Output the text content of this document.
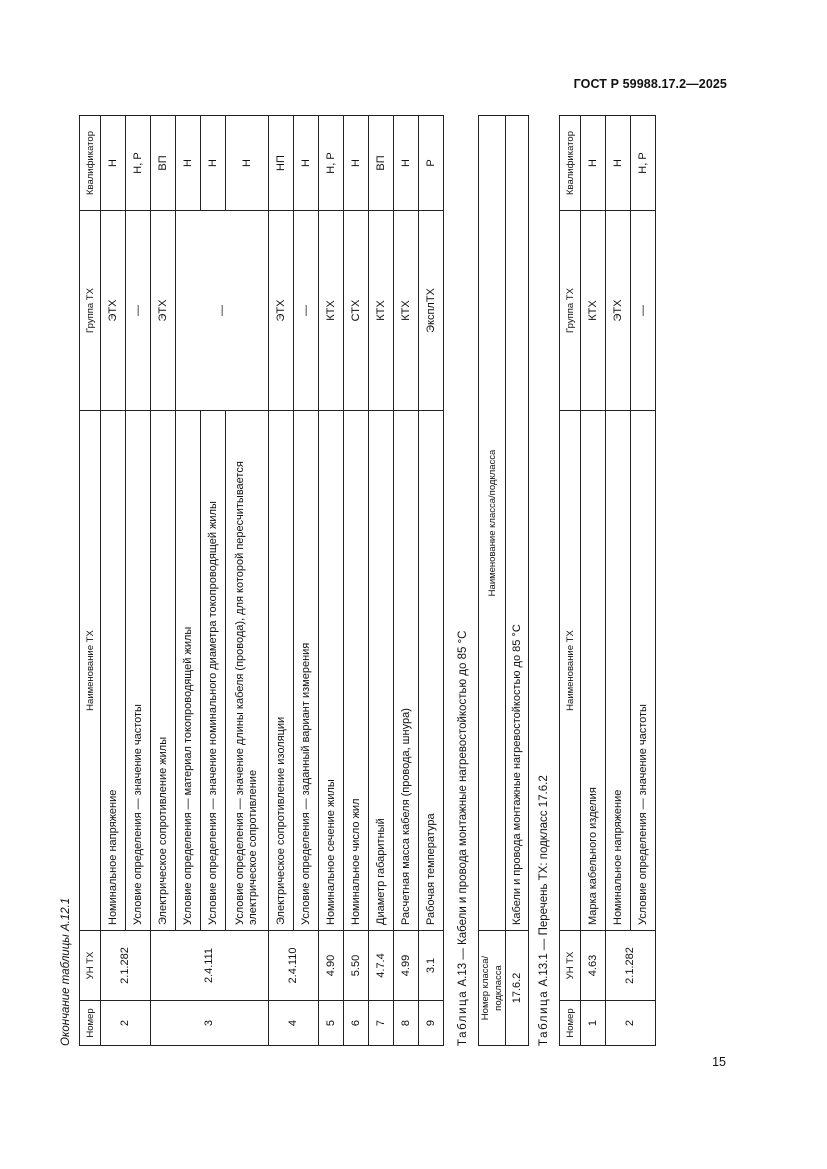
ГОСТ Р 59988.17.2—2025
Окончание таблицы А.12.1 Номер	УН ТХ	Наименование ТХ	Группа ТХ	Квалификатор
2	2.1.282	Номинальное напряжение	ЭТХ	Н
		Условие определения — значение частоты	—	Н, Р
3	2.4.111	Электрическое сопротивление жилы	ЭТХ	ВП
		Условие определения — материал токопроводящей жилы	—	Н
		Условие определения — значение номинального диаметра токопроводящей жилы		Н
		Условие определения — значение длины кабеля (провода), для которой пересчитывается электрическое сопротивление		Н
4	2.4.110	Электрическое сопротивление изоляции	ЭТХ	НП
		Условие определения — заданный вариант измерения	—	Н
5	4.90	Номинальное сечение жилы	КТХ	Н, Р
6	5.50	Номинальное число жил	СТХ	Н
7	4.7.4	Диаметр габаритный	КТХ	ВП
8	4.99	Расчетная масса кабеля (провода, шнура)	КТХ	Н
9	3.1	Рабочая температура	ЭксплТХ	Р
Таблица А.13 — Кабели и провода монтажные нагревостойкостью до 85 °С Номер класса/подкласса	Наименование класса/подкласса
17.6.2	Кабели и провода монтажные нагревостойкостью до 85 °С
Таблица А.13.1 — Перечень ТХ: подкласс 17.6.2
Номер	УН ТХ	Наименование ТХ	Группа ТХ	Квалификатор
1	4.63	Марка кабельного изделия	КТХ	Н
2	2.1.282	Номинальное напряжение	ЭТХ	Н
		Условие определения — значение частоты	—	Н, Р
15
